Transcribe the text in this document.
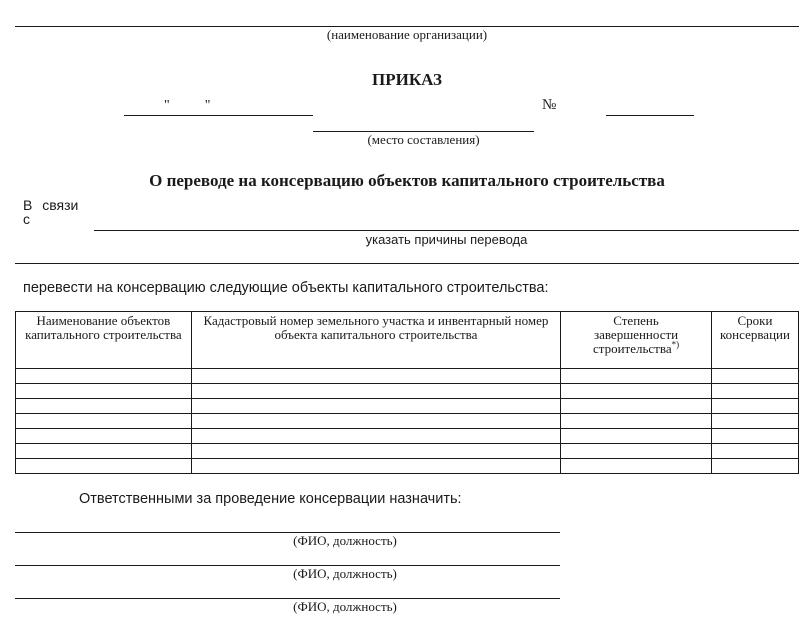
(наименование организации)
ПРИКАЗ
"          "	№
(место составления)
О переводе на консервацию объектов капитального строительства
В связи с
указать причины перевода
перевести на консервацию следующие объекты капитального строительства:
Наименование объектов капитального строительства	Кадастровый номер земельного участка и инвентарный номер объекта капитального строительства	Степень завершенности строительства*)	Сроки консервации

Ответственными за проведение консервации назначить:
(ФИО, должность)
(ФИО, должность)
(ФИО, должность)
